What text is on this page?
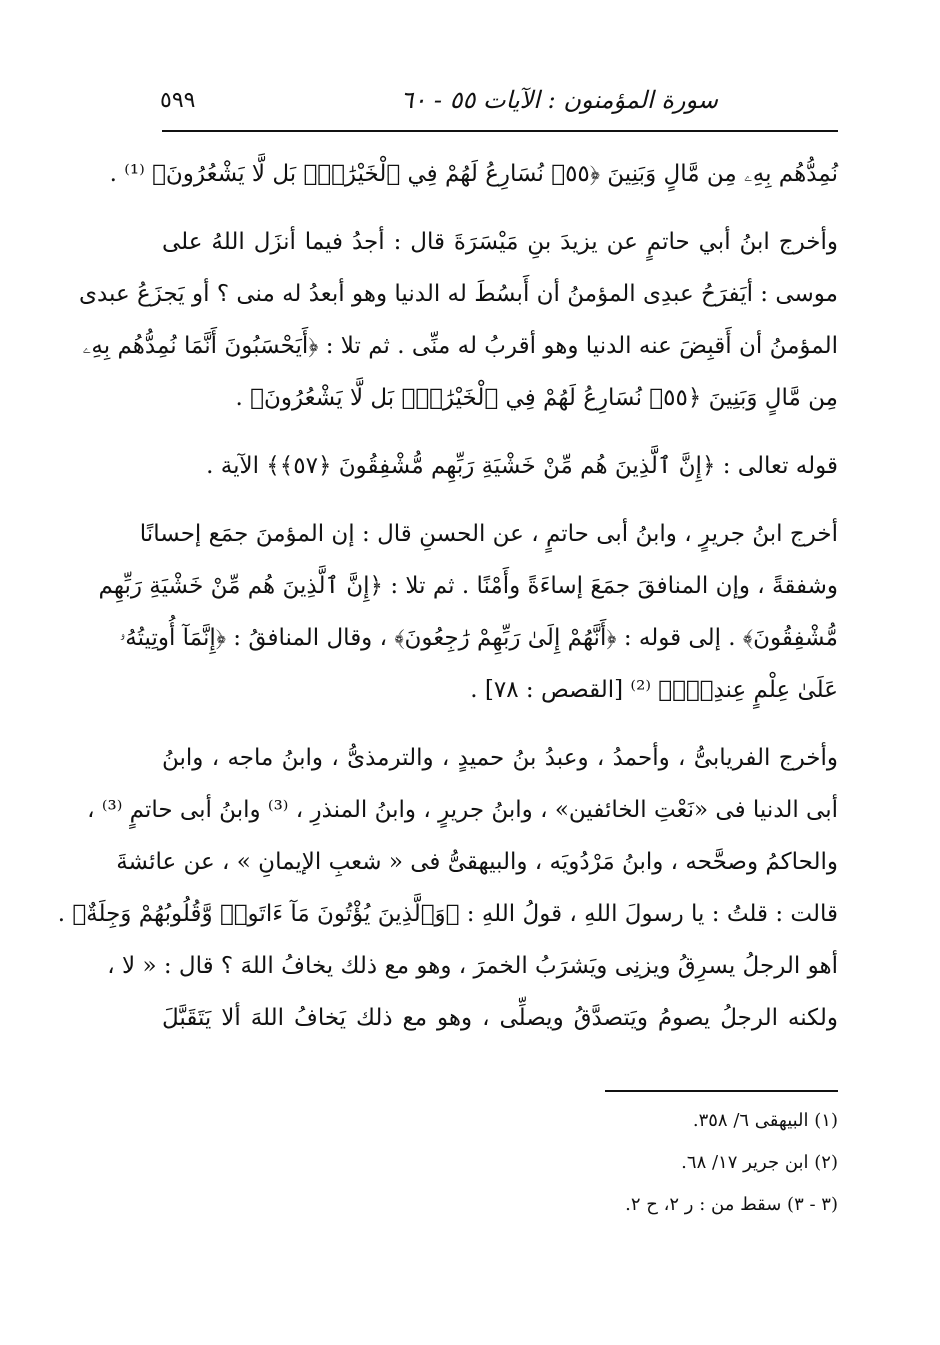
سورة المؤمنون : الآيات ٥٥ - ٦٠
٥٩٩
نُمِدُّهُم بِهِۦ مِن مَّالٍ وَبَنِينَ ﴿٥٥﴾ نُسَارِعُ لَهُمْ فِي ٱلْخَيْرَٰتِۚ بَل لَّا يَشْعُرُونَ﴾ ⁽¹⁾ .
وأخرج ابنُ أبي حاتمٍ عن يزيدَ بنِ مَيْسَرَةَ قال : أجدُ فيما أنزَل اللهُ على
موسى : أيَفرَحُ عبدِى المؤمنُ أن أَبسُطَ له الدنيا وهو أبعدُ له منى ؟ أو يَجزَعُ عبدى
المؤمنُ أن أَقبِضَ عنه الدنيا وهو أقربُ له منِّى . ثم تلا : ﴿أَيَحْسَبُونَ أَنَّمَا نُمِدُّهُم بِهِۦ
مِن مَّالٍ وَبَنِينَ ﴿٥٥﴾ نُسَارِعُ لَهُمْ فِي ٱلْخَيْرَٰتِۚ بَل لَّا يَشْعُرُونَ﴾ .
قوله تعالى : ﴿إِنَّ ٱلَّذِينَ هُم مِّنْ خَشْيَةِ رَبِّهِم مُّشْفِقُونَ ﴿٥٧﴾﴾ الآية .
أخرج ابنُ جريرٍ ، وابنُ أبى حاتمٍ ، عن الحسنِ قال : إن المؤمنَ جمَع إحسانًا
وشفقةً ، وإن المنافقَ جمَعَ إساءَةً وأَمْنًا . ثم تلا : ﴿إِنَّ ٱلَّذِينَ هُم مِّنْ خَشْيَةِ رَبِّهِم
مُّشْفِقُونَ﴾ . إلى قوله : ﴿أَنَّهُمْ إِلَىٰ رَبِّهِمْ رَٰجِعُونَ﴾ ، وقال المنافقُ : ﴿إِنَّمَآ أُوتِيتُهُۥ
عَلَىٰ عِلْمٍ عِندِىٓۚ﴾ ⁽²⁾ [القصص : ٧٨] .
وأخرج الفريابىُّ ، وأحمدُ ، وعبدُ بنُ حميدٍ ، والترمذىُّ ، وابنُ ماجه ، وابنُ
أبى الدنيا فى «نَعْتِ الخائفين» ، وابنُ جريرٍ ، وابنُ المنذرِ ، ⁽³⁾ وابنُ أبى حاتمٍ ⁽³⁾ ،
والحاكمُ وصحَّحه ، وابنُ مَرْدُويَه ، والبيهقىُّ فى « شعبِ الإيمانِ » ، عن عائشةَ
قالت : قلتُ : يا رسولَ اللهِ ، قولُ اللهِ : ﴿وَٱلَّذِينَ يُؤْتُونَ مَآ ءَاتَوا۟ وَّقُلُوبُهُمْ وَجِلَةٌ﴾ .
أهو الرجلُ يسرِقُ ويزنِى ويَشرَبُ الخمرَ ، وهو مع ذلك يخافُ اللهَ ؟ قال : « لا ،
ولكنه الرجلُ يصومُ ويَتصدَّقُ ويصلِّى ، وهو مع ذلك يَخافُ اللهَ ألا يَتَقَبَّلَ
(١) البيهقى ٦/ ٣٥٨.
(٢) ابن جرير ١٧/ ٦٨.
(٣ - ٣) سقط من : ر ٢، ح ٢.
